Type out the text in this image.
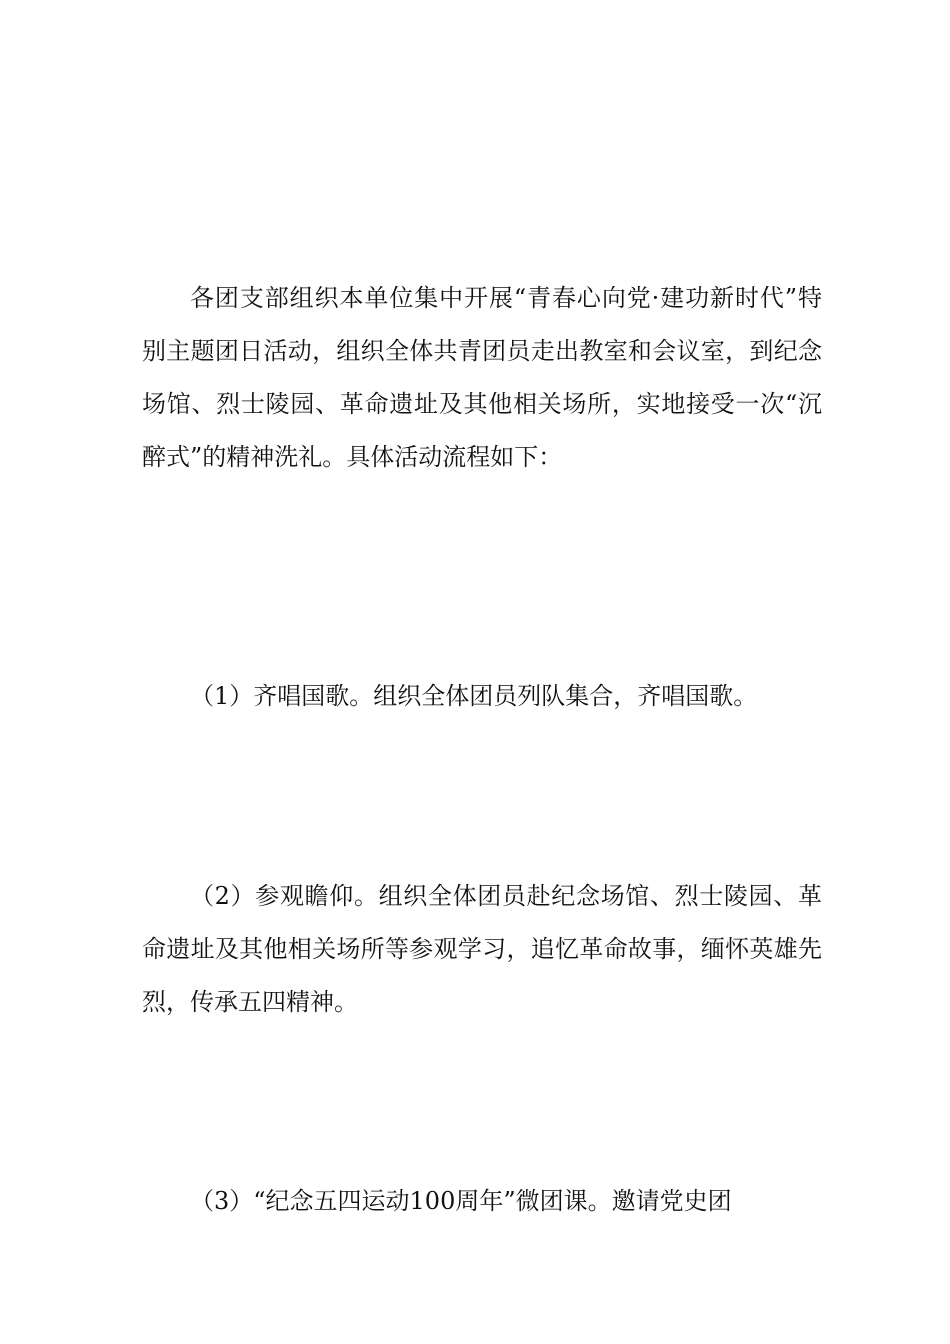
各团支部组织本单位集中开展“青春心向党·建功新时代”特别主题团日活动，组织全体共青团员走出教室和会议室，到纪念场馆、烈士陵园、革命遗址及其他相关场所，实地接受一次“沉醉式”的精神洗礼。具体活动流程如下：

（1）齐唱国歌。组织全体团员列队集合，齐唱国歌。

（2）参观瞻仰。组织全体团员赴纪念场馆、烈士陵园、革命遗址及其他相关场所等参观学习，追忆革命故事，缅怀英雄先烈，传承五四精神。

（3）“纪念五四运动100周年”微团课。邀请党史团
